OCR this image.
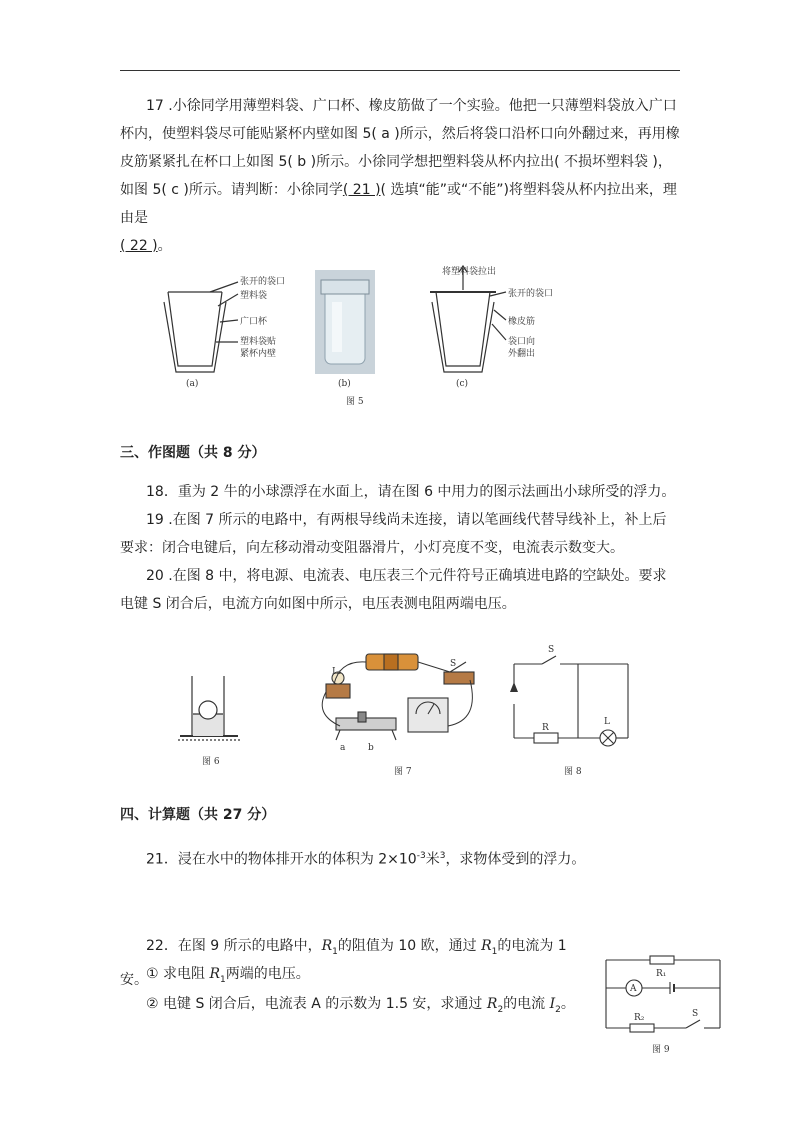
17 .小徐同学用薄塑料袋、广口杯、橡皮筋做了一个实验。他把一只薄塑料袋放入广口杯内，使塑料袋尽可能贴紧杯内壁如图 5( a )所示，然后将袋口沿杯口向外翻过来，再用橡皮筋紧紧扎在杯口上如图 5( b )所示。小徐同学想把塑料袋从杯内拉出( 不损坏塑料袋 )，如图 5( c )所示。请判断：小徐同学( 21 )( 选填“能”或“不能”)将塑料袋从杯内拉出来，理由是
( 22 )。

张开的袋口
塑料袋
广口杯
塑料袋贴
紧杯内壁
(a)	(b)
将塑料袋拉出
张开的袋口
橡皮筋
袋口向
外翻出
(c)
图 5
三、作图题（共 8 分）

18．重为 2 牛的小球漂浮在水面上，请在图 6 中用力的图示法画出小球所受的浮力。

19 .在图 7 所示的电路中，有两根导线尚未连接，请以笔画线代替导线补上，补上后要求：闭合电键后，向左移动滑动变阻器滑片，小灯亮度不变，电流表示数变大。

20 .在图 8 中，将电源、电流表、电压表三个元件符号正确填进电路的空缺处。要求电键 S 闭合后，电流方向如图中所示，电压表测电阻两端电压。

图 6
L₁
S
a	b
图 7
S
R
L
图 8
四、计算题（共 27 分）

21．浸在水中的物体排开水的体积为 $2\times 10^{-3}$米$^3$，求物体受到的浮力。

22．在图 9 所示的电路中，$R_1$的阻值为 10 欧，通过 $R_1$的电流为 1 安。

① 求电阻 $R_1$两端的电压。

② 电键 S 闭合后，电流表 A 的示数为 1.5 安，求通过 $R_2$的电流 $I_2$。

R₁
A
R₂	S
图 9
